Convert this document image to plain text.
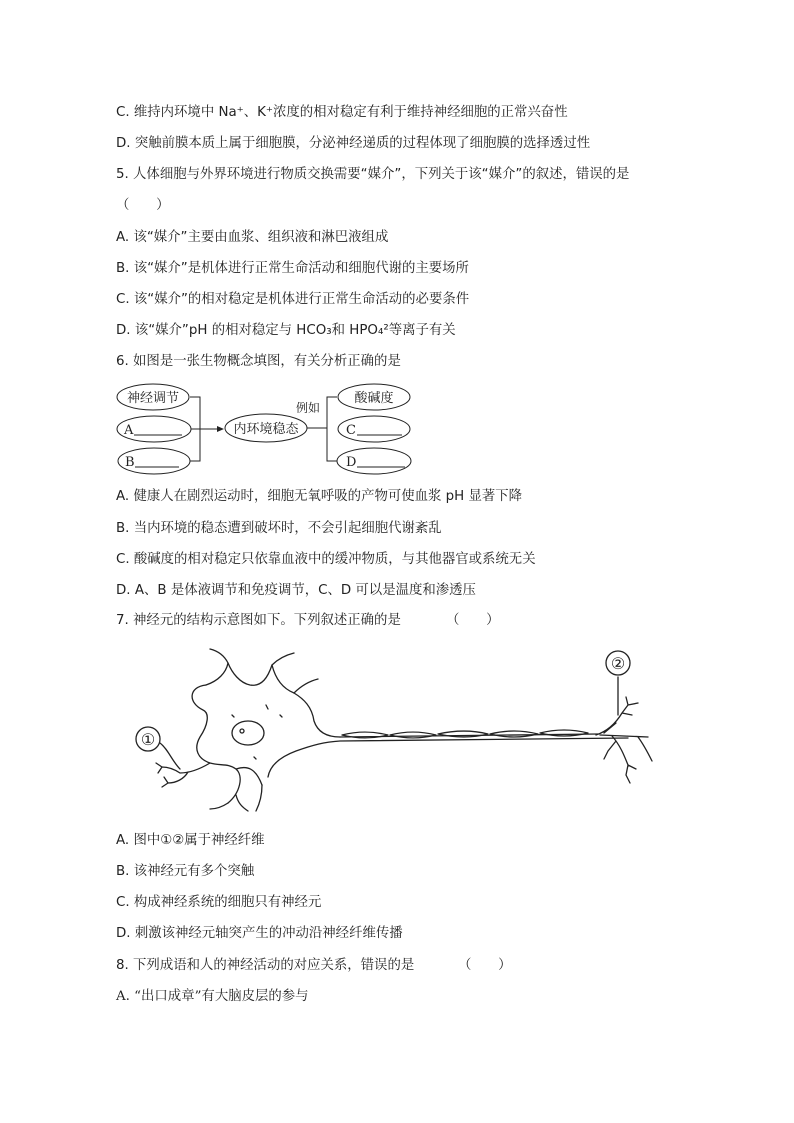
C. 维持内环境中 Na⁺、K⁺浓度的相对稳定有利于维持神经细胞的正常兴奋性
D. 突触前膜本质上属于细胞膜，分泌神经递质的过程体现了细胞膜的选择透过性
5. 人体细胞与外界环境进行物质交换需要“媒介”，下列关于该“媒介”的叙述，错误的是
（　　）
A. 该“媒介”主要由血浆、组织液和淋巴液组成
B. 该“媒介”是机体进行正常生命活动和细胞代谢的主要场所
C. 该“媒介”的相对稳定是机体进行正常生命活动的必要条件
D. 该“媒介”pH 的相对稳定与 HCO₃和 HPO₄²等离子有关
6. 如图是一张生物概念填图，有关分析正确的是
神经调节
A
B
内环境稳态
例如
酸碱度
C
D
A. 健康人在剧烈运动时，细胞无氧呼吸的产物可使血浆 pH 显著下降
B. 当内环境的稳态遭到破坏时，不会引起细胞代谢紊乱
C. 酸碱度的相对稳定只依靠血液中的缓冲物质，与其他器官或系统无关
D. A、B 是体液调节和免疫调节，C、D 可以是温度和渗透压
7. 神经元的结构示意图如下。下列叙述正确的是	（　　）
①
②
A. 图中①②属于神经纤维
B. 该神经元有多个突触
C. 构成神经系统的细胞只有神经元
D. 刺激该神经元轴突产生的冲动沿神经纤维传播
8. 下列成语和人的神经活动的对应关系，错误的是	（　　）
A. “出口成章”有大脑皮层的参与
